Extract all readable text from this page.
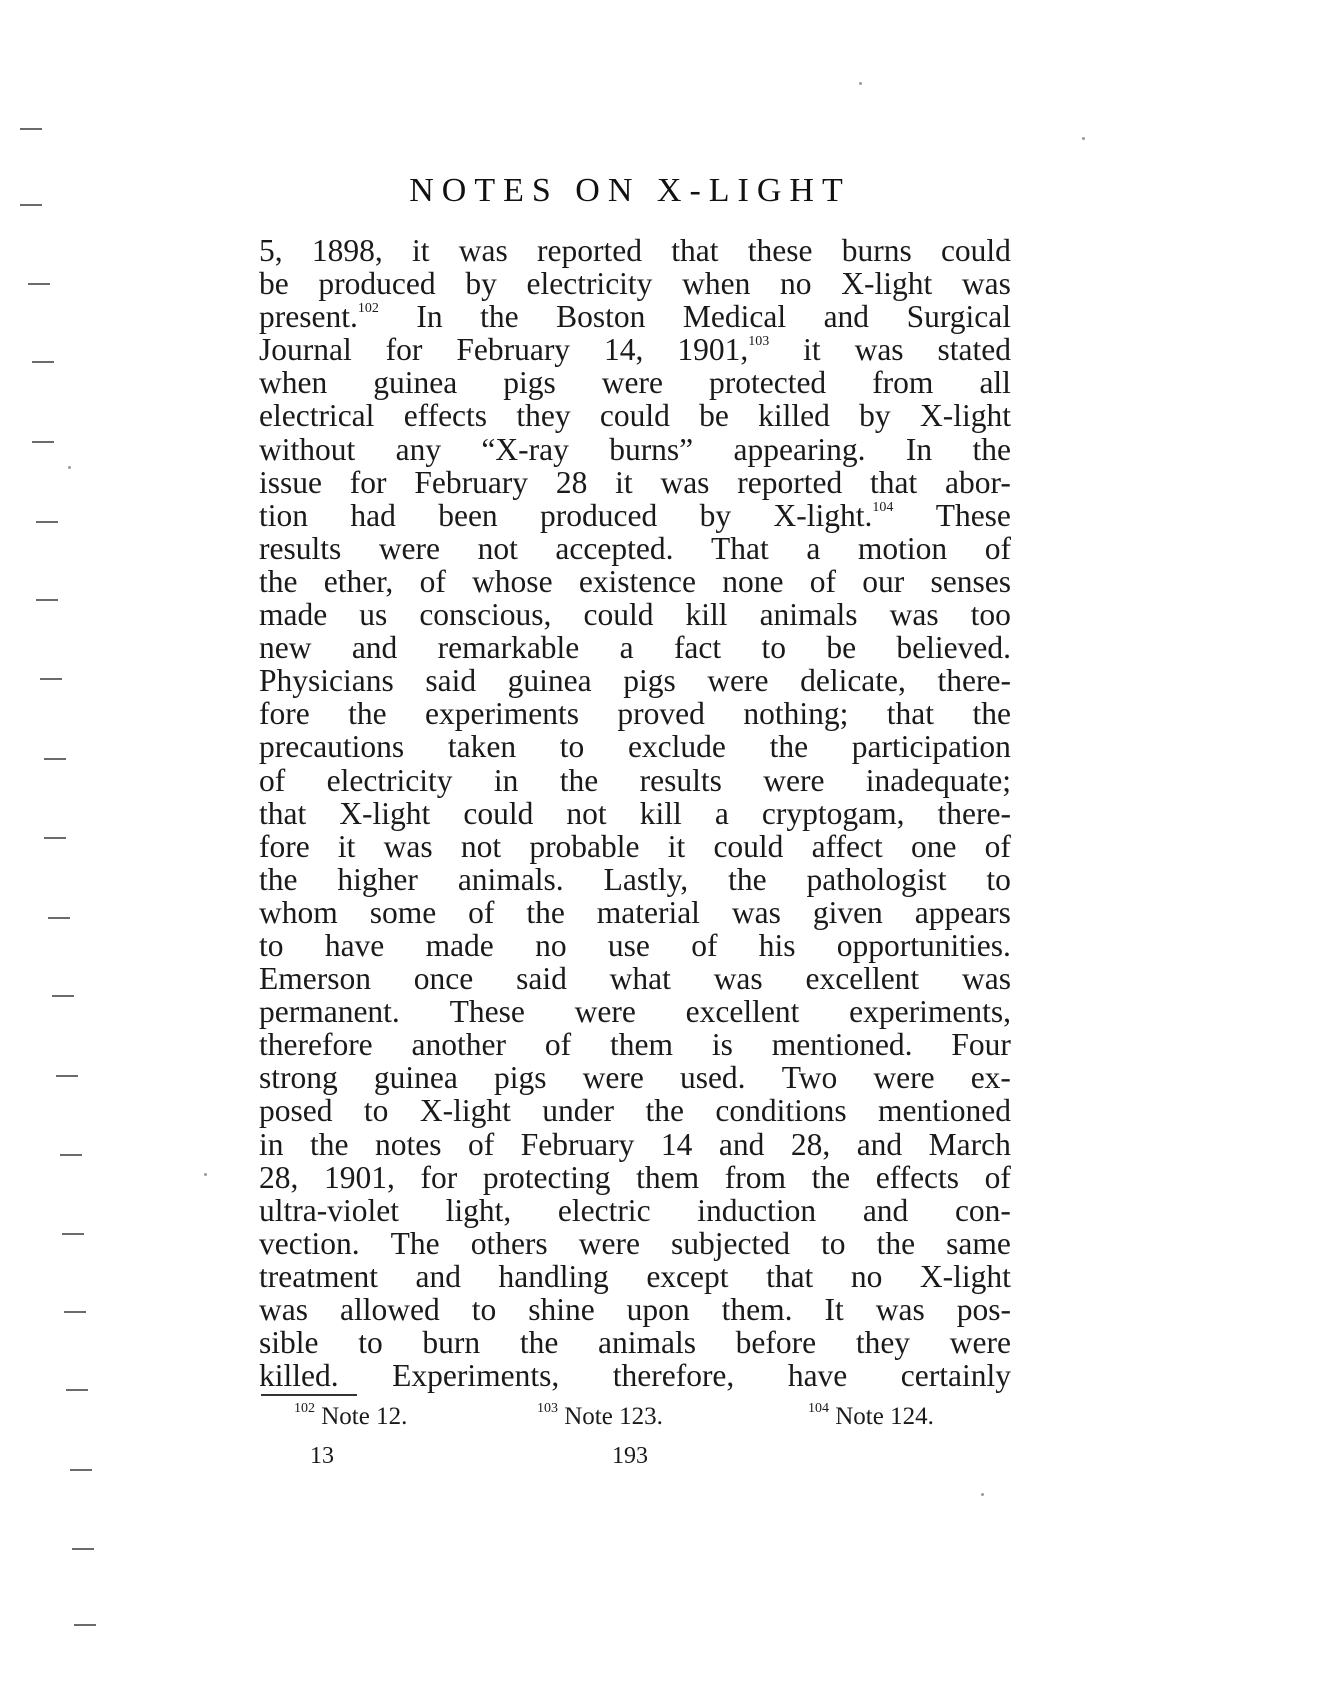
NOTES ON X-LIGHT
5, 1898, it was reported that these burns could
be produced by electricity when no X-light was
present.$^{102}$ In the Boston Medical and Surgical
Journal for February 14, 1901,$^{103}$ it was stated
when guinea pigs were protected from all
electrical effects they could be killed by X-light
without any “X-ray burns” appearing. In the
issue for February 28 it was reported that abor-
tion had been produced by X-light.$^{104}$ These
results were not accepted. That a motion of
the ether, of whose existence none of our senses
made us conscious, could kill animals was too
new and remarkable a fact to be believed.
Physicians said guinea pigs were delicate, there-
fore the experiments proved nothing; that the
precautions taken to exclude the participation
of electricity in the results were inadequate;
that X-light could not kill a cryptogam, there-
fore it was not probable it could affect one of
the higher animals. Lastly, the pathologist to
whom some of the material was given appears
to have made no use of his opportunities.
Emerson once said what was excellent was
permanent. These were excellent experiments,
therefore another of them is mentioned. Four
strong guinea pigs were used. Two were ex-
posed to X-light under the conditions mentioned
in the notes of February 14 and 28, and March
28, 1901, for protecting them from the effects of
ultra-violet light, electric induction and con-
vection. The others were subjected to the same
treatment and handling except that no X-light
was allowed to shine upon them. It was pos-
sible to burn the animals before they were
killed. Experiments, therefore, have certainly
$^{102}$ Note 12.	$^{103}$ Note 123.	$^{104}$ Note 124.
13	193
